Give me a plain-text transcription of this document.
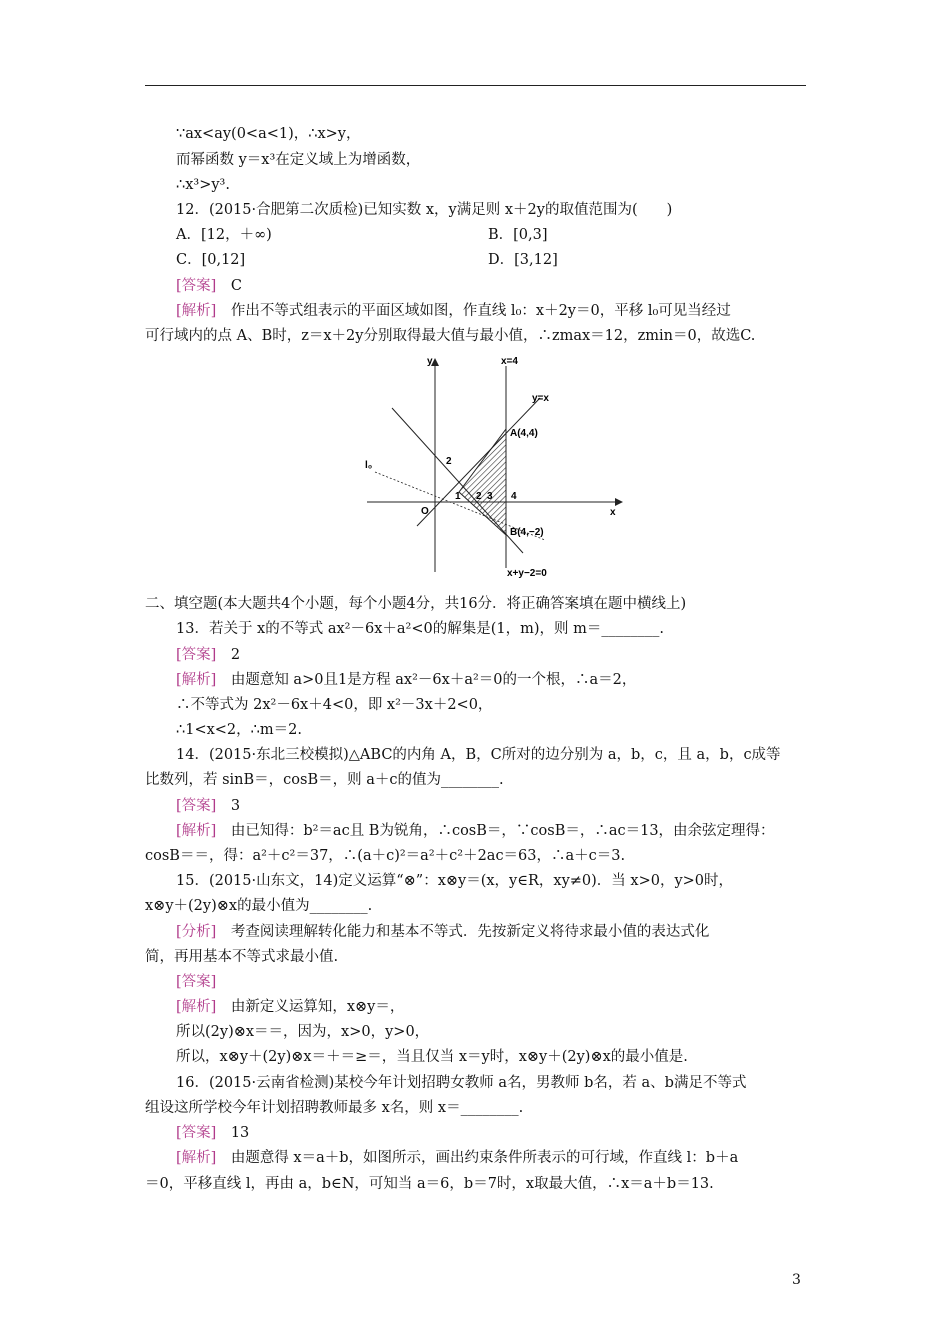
∵ax<ay(0<a<1)，∴x>y，
而幂函数 y＝x³在定义域上为增函数，
∴x³>y³.
12．(2015·合肥第二次质检)已知实数 x，y满足则 x＋2y的取值范围为(　　)
A．[12，＋∞)	B．[0,3]
C．[0,12]	D．[3,12]
[答案]　 C
[解析]　 作出不等式组表示的平面区域如图，作直线 l₀：x＋2y＝0，平移 l₀可见当经过
可行域内的点 A、B时，z＝x＋2y分别取得最大值与最小值，∴zmax＝12，zmin＝0，故选C.
y
x
O
x=4
y=x
A(4,4)
B(4,−2)
l₀
x+y−2=0
2
1 2 3 4
二、填空题(本大题共4个小题，每个小题4分，共16分．将正确答案填在题中横线上)
13．若关于 x的不等式 ax²－6x＋a²<0的解集是(1，m)，则 m＝________.
[答案]　 2
[解析]　 由题意知 a>0且1是方程 ax²－6x＋a²＝0的一个根，∴a＝2，
∴不等式为 2x²－6x＋4<0，即 x²－3x＋2<0，
∴1<x<2，∴m＝2.
14．(2015·东北三校模拟)△ABC的内角 A，B，C所对的边分别为 a，b，c，且 a，b，c成等
比数列，若 sinB＝，cosB＝，则 a＋c的值为________.
[答案]　 3
[解析]　 由已知得：b²＝ac且 B为锐角，∴cosB＝，∵cosB＝，∴ac＝13，由余弦定理得：
cosB＝＝，得：a²＋c²＝37，∴(a＋c)²＝a²＋c²＋2ac＝63，∴a＋c＝3.
15．(2015·山东文，14)定义运算“⊗”：x⊗y＝(x，y∈R，xy≠0)．当 x>0，y>0时，
x⊗y＋(2y)⊗x的最小值为________.
[分析]　 考查阅读理解转化能力和基本不等式．先按新定义将待求最小值的表达式化
简，再用基本不等式求最小值.
[答案]
[解析]　 由新定义运算知，x⊗y＝，
所以(2y)⊗x＝＝，因为，x>0，y>0，
所以，x⊗y＋(2y)⊗x＝＋＝≥＝，当且仅当 x＝y时，x⊗y＋(2y)⊗x的最小值是.
16．(2015·云南省检测)某校今年计划招聘女教师 a名，男教师 b名，若 a、b满足不等式
组设这所学校今年计划招聘教师最多 x名，则 x＝________.
[答案]　 13
[解析]　 由题意得 x＝a＋b，如图所示，画出约束条件所表示的可行域，作直线 l：b＋a
＝0，平移直线 l，再由 a，b∈N，可知当 a＝6，b＝7时，x取最大值，∴x＝a＋b＝13.
3
